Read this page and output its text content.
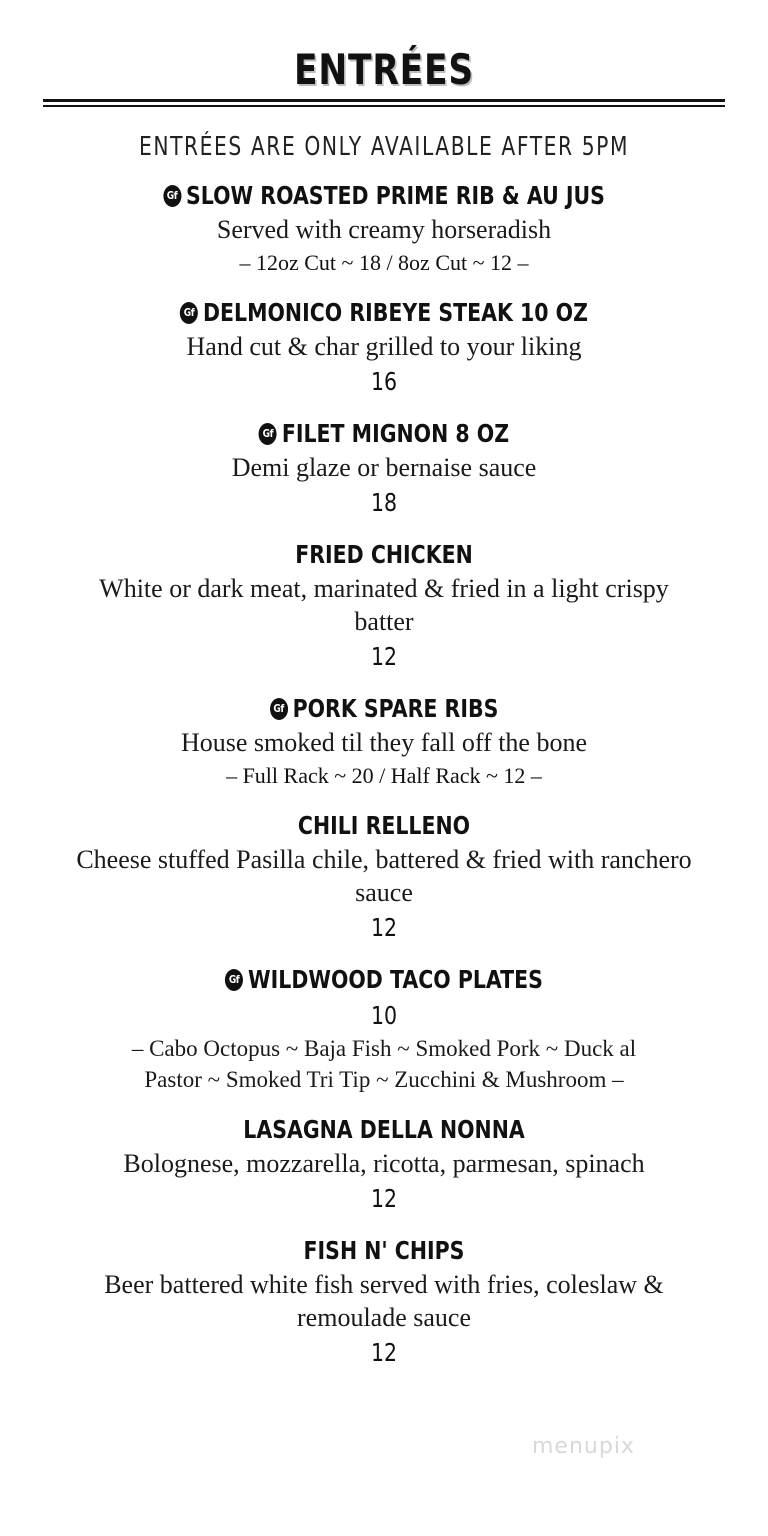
ENTRÉES
ENTRÉES ARE ONLY AVAILABLE AFTER 5PM
Gf SLOW ROASTED PRIME RIB & AU JUS
Served with creamy horseradish
– 12oz Cut ~ 18 / 8oz Cut ~ 12 –
Gf DELMONICO RIBEYE STEAK 10 OZ
Hand cut & char grilled to your liking
16
Gf FILET MIGNON 8 OZ
Demi glaze or bernaise sauce
18
FRIED CHICKEN
White or dark meat, marinated & fried in a light crispy batter
12
Gf PORK SPARE RIBS
House smoked til they fall off the bone
– Full Rack ~ 20 / Half Rack ~ 12 –
CHILI RELLENO
Cheese stuffed Pasilla chile, battered & fried with ranchero sauce
12
Gf WILDWOOD TACO PLATES
10
– Cabo Octopus ~ Baja Fish ~ Smoked Pork ~ Duck al Pastor ~ Smoked Tri Tip ~ Zucchini & Mushroom –
LASAGNA DELLA NONNA
Bolognese, mozzarella, ricotta, parmesan, spinach
12
FISH N' CHIPS
Beer battered white fish served with fries, coleslaw & remoulade sauce
12
menupix
